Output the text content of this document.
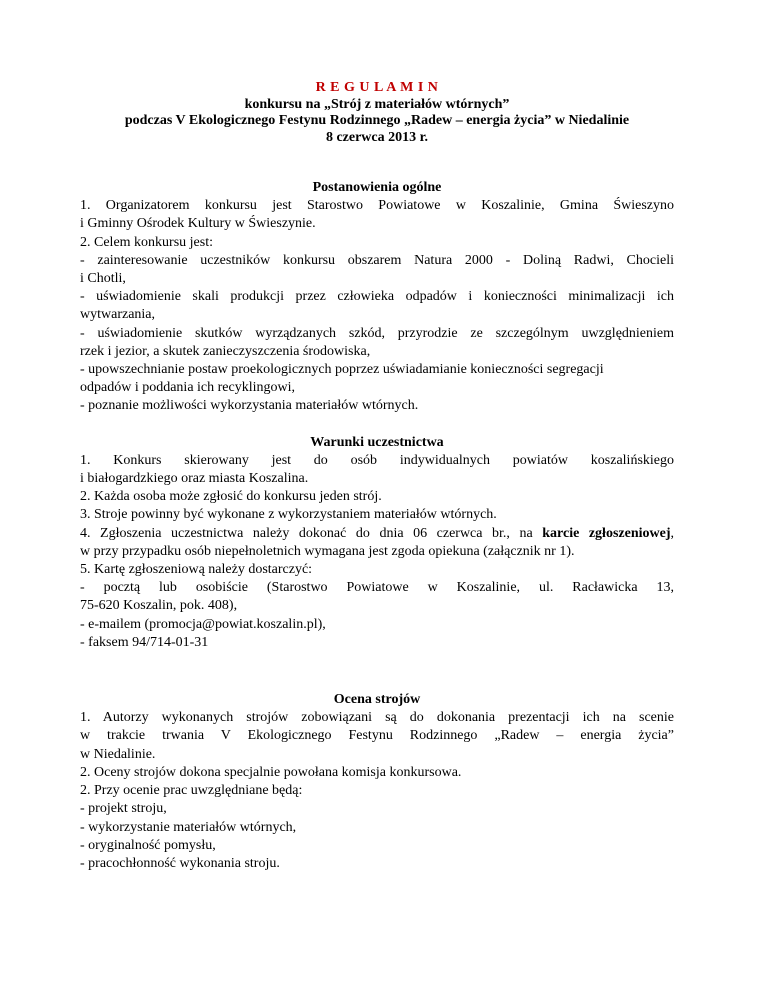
R E G U L A M I N
konkursu na „Strój z materiałów wtórnych”
podczas V Ekologicznego Festynu Rodzinnego „Radew – energia życia” w Niedalinie
8 czerwca 2013 r.
Postanowienia ogólne
1. Organizatorem konkursu jest Starostwo Powiatowe w Koszalinie, Gmina Świeszyno
i Gminny Ośrodek Kultury w Świeszynie.
2. Celem konkursu jest:
- zainteresowanie uczestników konkursu obszarem Natura 2000 - Doliną Radwi, Chocieli
i Chotli,
- uświadomienie skali produkcji przez człowieka odpadów i konieczności minimalizacji ich
wytwarzania,
- uświadomienie skutków wyrządzanych szkód, przyrodzie ze szczególnym uwzględnieniem
rzek i jezior, a skutek zanieczyszczenia środowiska,
- upowszechnianie postaw proekologicznych poprzez uświadamianie konieczności segregacji
odpadów i poddania ich recyklingowi,
- poznanie możliwości wykorzystania materiałów wtórnych.
Warunki uczestnictwa
1. Konkurs skierowany jest do osób indywidualnych powiatów koszalińskiego
i białogardzkiego oraz miasta Koszalina.
2. Każda osoba może zgłosić do konkursu jeden strój.
3. Stroje powinny być wykonane z wykorzystaniem materiałów wtórnych.
4. Zgłoszenia uczestnictwa należy dokonać do dnia 06 czerwca br., na karcie zgłoszeniowej,
w przy przypadku osób niepełnoletnich wymagana jest zgoda opiekuna (załącznik nr 1).
5. Kartę zgłoszeniową należy dostarczyć:
- pocztą lub osobiście (Starostwo Powiatowe w Koszalinie, ul. Racławicka 13,
75-620 Koszalin, pok. 408),
- e-mailem (promocja@powiat.koszalin.pl),
- faksem 94/714-01-31
Ocena strojów
1. Autorzy wykonanych strojów zobowiązani są do dokonania prezentacji ich na scenie
w trakcie trwania V Ekologicznego Festynu Rodzinnego „Radew – energia życia”
w Niedalinie.
2. Oceny strojów dokona specjalnie powołana komisja konkursowa.
2. Przy ocenie prac uwzględniane będą:
- projekt stroju,
- wykorzystanie materiałów wtórnych,
- oryginalność pomysłu,
- pracochłonność wykonania stroju.
